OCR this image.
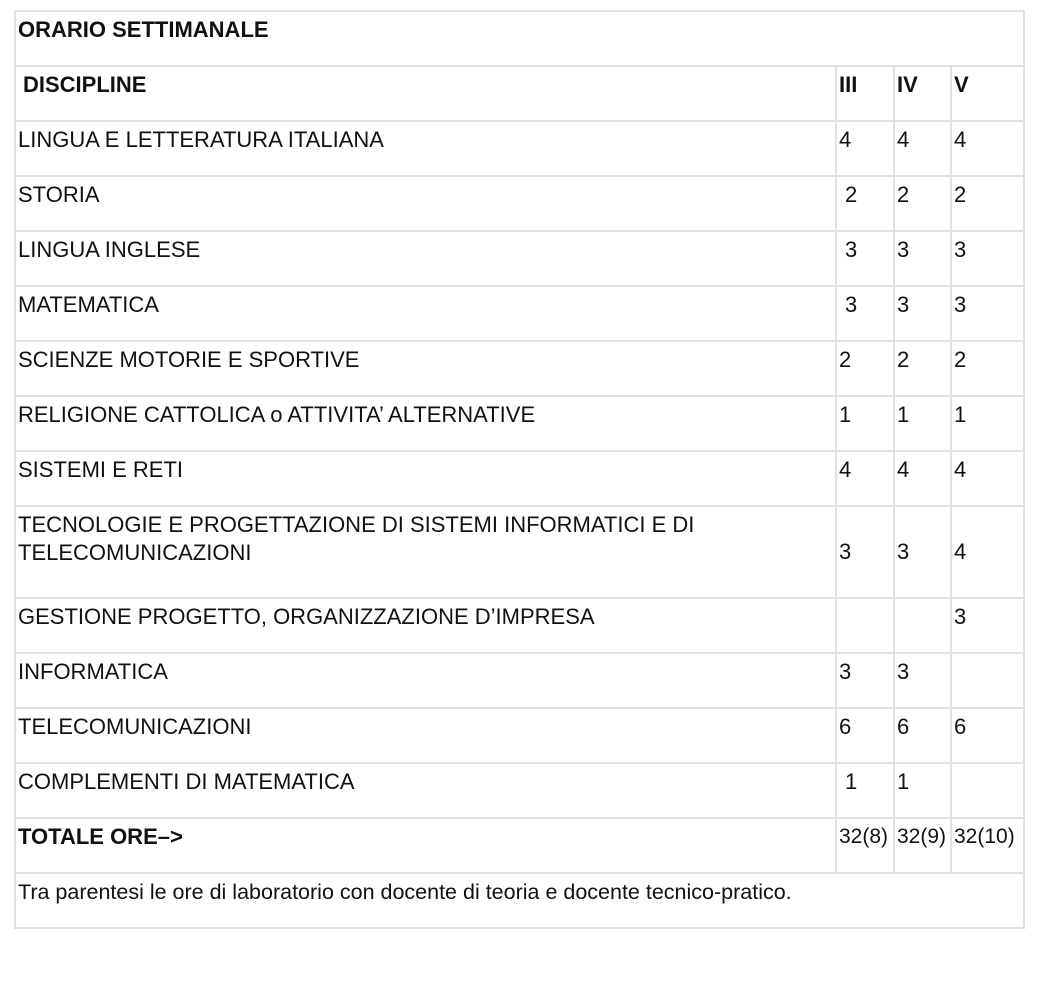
ORARIO SETTIMANALE			
DISCIPLINE	III	IV	V
LINGUA E LETTERATURA ITALIANA	4	4	4
STORIA	2	2	2
LINGUA INGLESE	3	3	3
MATEMATICA	3	3	3
SCIENZE MOTORIE E SPORTIVE	2	2	2
RELIGIONE CATTOLICA o ATTIVITA’ ALTERNATIVE	1	1	1
SISTEMI E RETI	4	4	4
TECNOLOGIE E PROGETTAZIONE DI SISTEMI INFORMATICI E DI TELECOMUNICAZIONI	3	3	4
GESTIONE PROGETTO, ORGANIZZAZIONE D’IMPRESA			3
INFORMATICA	3	3	
TELECOMUNICAZIONI	6	6	6
COMPLEMENTI DI MATEMATICA	1	1	
TOTALE ORE–>	32(8)	32(9)	32(10)
Tra parentesi le ore di laboratorio con docente di teoria e docente tecnico-pratico.			
